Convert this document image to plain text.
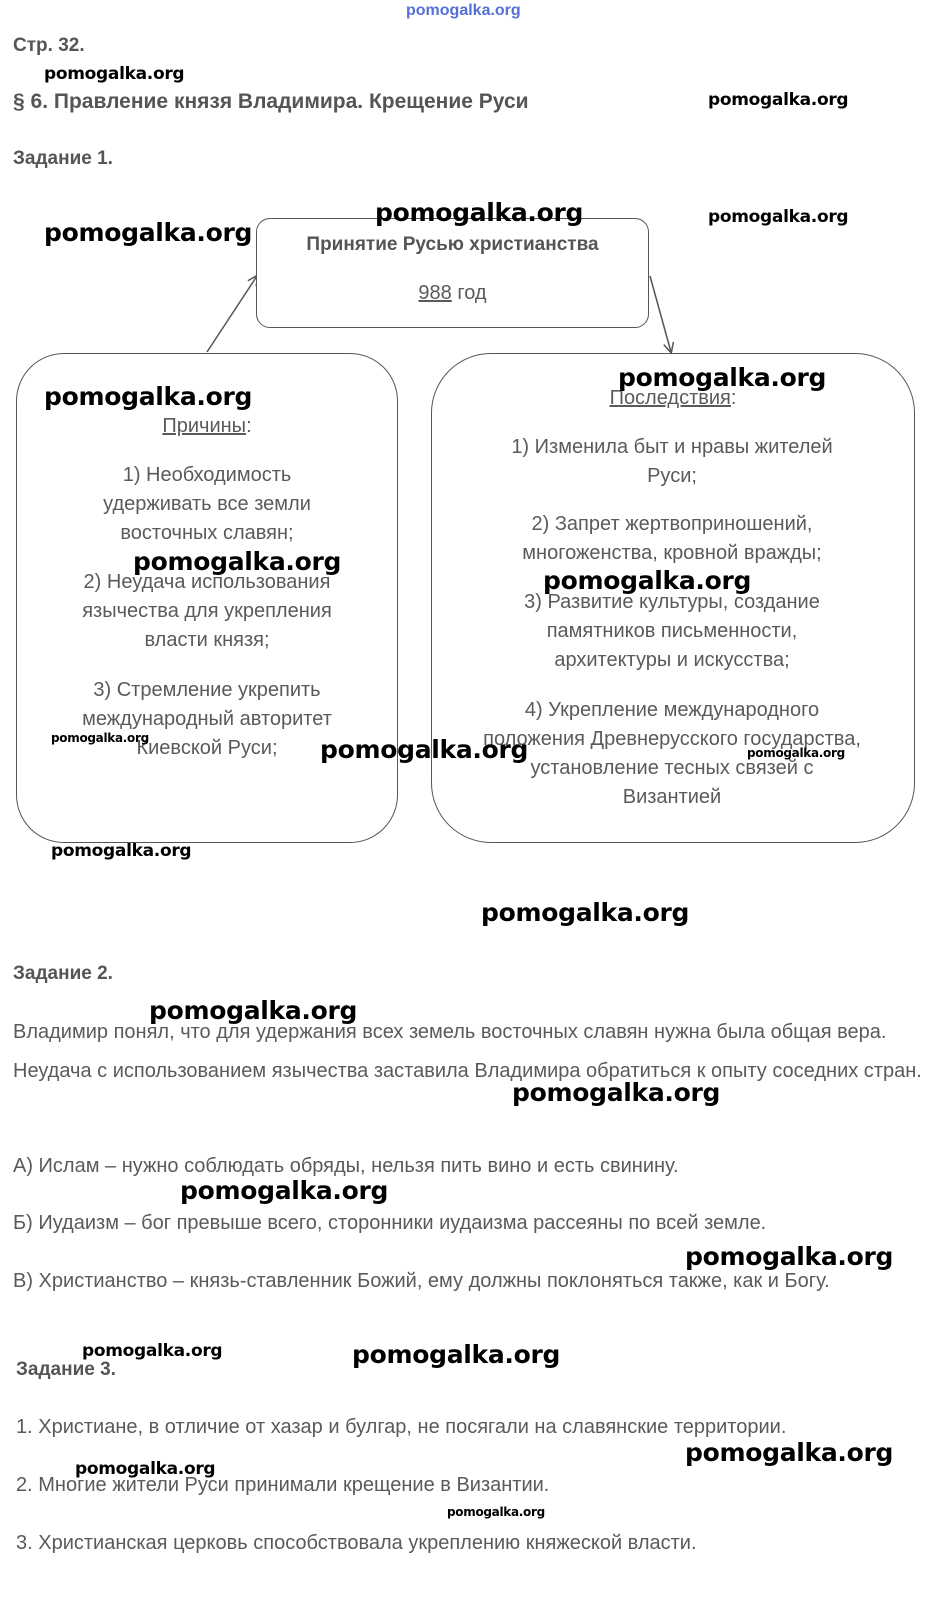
pomogalka.org
Стр. 32.
§ 6. Правление князя Владимира. Крещение Руси
Задание 1.
Принятие Русью христианства
988 год
Причины:
1) Необходимость удерживать все земли восточных славян;
2) Неудача использования язычества для укрепления власти князя;
3) Стремление укрепить международный авторитет Киевской Руси;
Последствия:
1) Изменила быт и нравы жителей Руси;
2) Запрет жертвоприношений, многоженства, кровной вражды;
3) Развитие культуры, создание памятников письменности, архитектуры и искусства;
4) Укрепление международного положения Древнерусского государства, установление тесных связей с Византией
Задание 2.
Владимир понял, что для удержания всех земель восточных славян нужна была общая вера. Неудача с использованием язычества заставила Владимира обратиться к опыту соседних стран.
А) Ислам – нужно соблюдать обряды, нельзя пить вино и есть свинину.
Б) Иудаизм – бог превыше всего, сторонники иудаизма рассеяны по всей земле.
В) Христианство – князь-ставленник Божий, ему должны поклоняться также, как и Богу.
Задание 3.
1. Христиане, в отличие от хазар и булгар, не посягали на славянские территории.
2. Многие жители Руси принимали крещение в Византии.
3. Христианская церковь способствовала укреплению княжеской власти.
pomogalka.org
pomogalka.org
pomogalka.org
pomogalka.org	pomogalka.org
pomogalka.org
pomogalka.org
pomogalka.org
pomogalka.org
pomogalka.org	pomogalka.org	pomogalka.org
pomogalka.org
pomogalka.org
pomogalka.org
pomogalka.org
pomogalka.org
pomogalka.org
pomogalka.org	pomogalka.org
pomogalka.org
pomogalka.org
pomogalka.org
